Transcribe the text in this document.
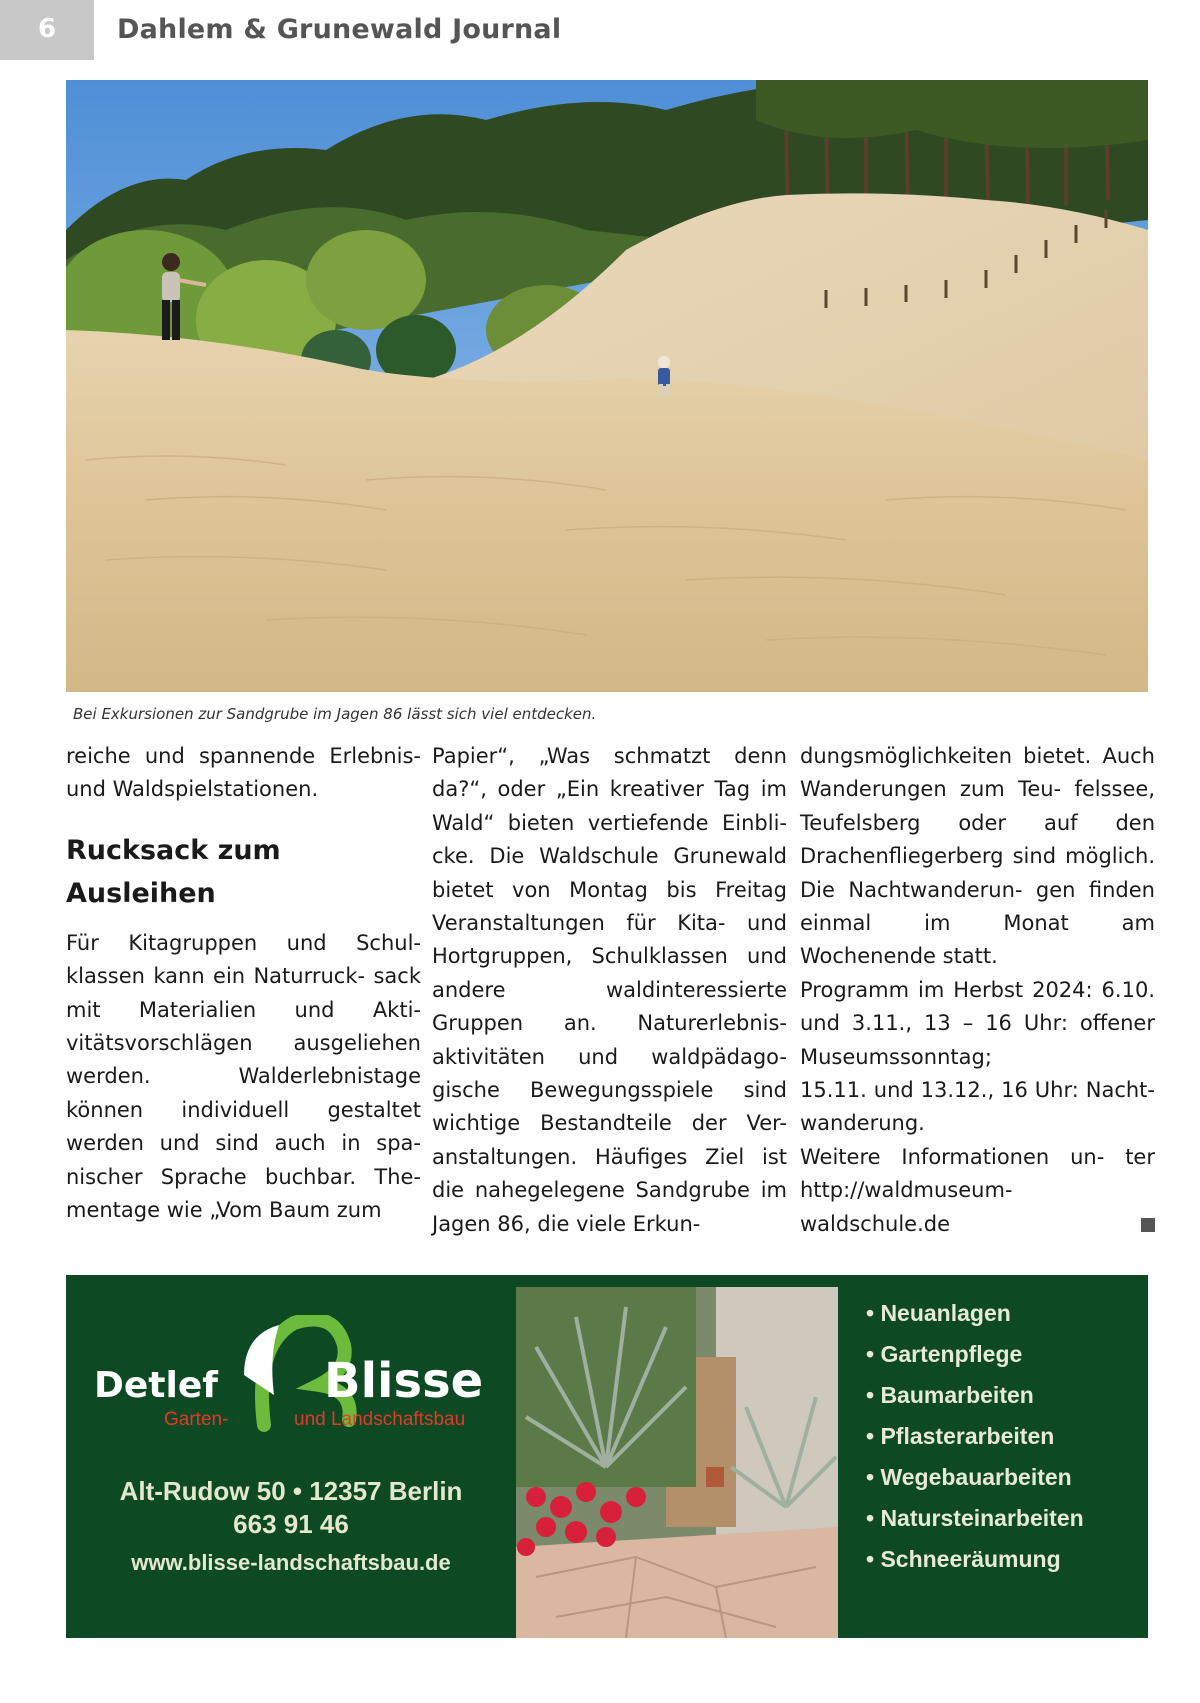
6	Dahlem & Grunewald Journal
Bei Exkursionen zur Sandgrube im Jagen 86 lässt sich viel entdecken.

reiche und spannende Erlebnis- und Waldspielstationen.

Rucksack zum Ausleihen

Für Kitagruppen und Schul- klassen kann ein Naturruck- sack mit Materialien und Akti- vitätsvorschlägen ausgeliehen werden. Walderlebnistage können individuell gestaltet werden und sind auch in spa- nischer Sprache buchbar. The- mentage wie „Vom Baum zum

Papier“, „Was schmatzt denn da?“, oder „Ein kreativer Tag im Wald“ bieten vertiefende Einbli- cke. Die Waldschule Grunewald bietet von Montag bis Freitag Veranstaltungen für Kita- und Hortgruppen, Schulklassen und andere waldinteressierte Gruppen an. Naturerlebnis- aktivitäten und waldpädago- gische Bewegungsspiele sind wichtige Bestandteile der Ver- anstaltungen. Häufiges Ziel ist die nahegelegene Sandgrube im Jagen 86, die viele Erkun-

dungsmöglichkeiten bietet. Auch Wanderungen zum Teu- felssee, Teufelsberg oder auf den Drachenfliegerberg sind möglich. Die Nachtwanderun- gen finden einmal im Monat am Wochenende statt.

Programm im Herbst 2024: 6.10. und 3.11., 13 – 16 Uhr: offener Museumssonntag;

15.11. und 13.12., 16 Uhr: Nacht- wanderung.

Weitere Informationen un- ter http://waldmuseum- waldschule.de

Detlef Blisse
Garten-	und Landschaftsbau
Alt-Rudow 50 • 12357 Berlin
663 91 46
www.blisse-landschaftsbau.de
• Neuanlagen
• Gartenpflege
• Baumarbeiten
• Pflasterarbeiten
• Wegebauarbeiten
• Natursteinarbeiten
• Schneeräumung
